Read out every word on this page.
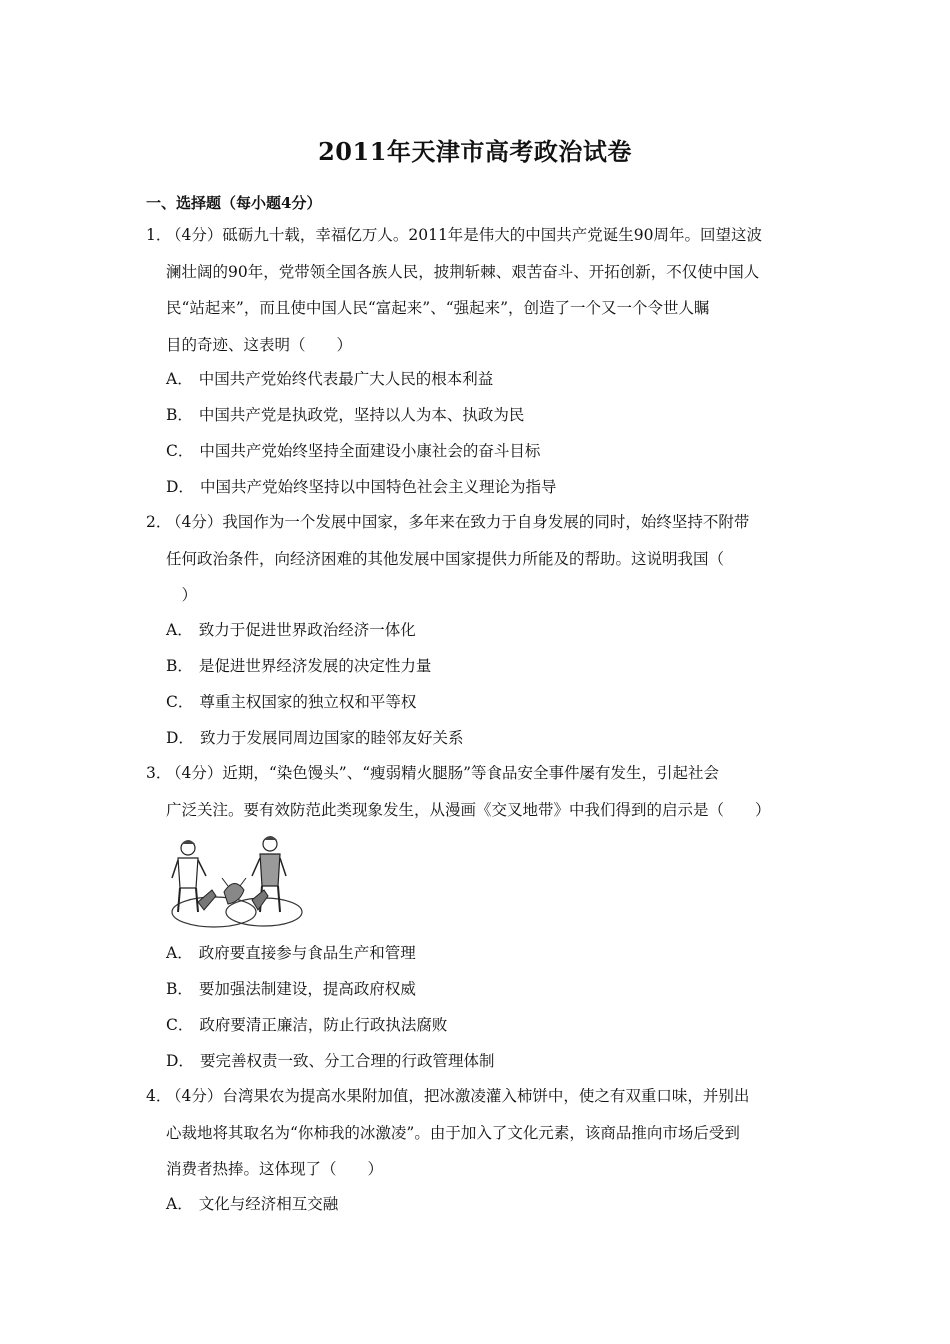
2011年天津市高考政治试卷
一、选择题（每小题4分）
1．
（4分）砥砺九十载，幸福亿万人。2011年是伟大的中国共产党诞生90周年。回望这波
澜壮阔的90年，党带领全国各族人民，披荆斩棘、艰苦奋斗、开拓创新，不仅使中国人
民“站起来”，而且使中国人民“富起来”、“强起来”，创造了一个又一个令世人瞩
目的奇迹、这表明（　　）
A． 中国共产党始终代表最广大人民的根本利益
B． 中国共产党是执政党，坚持以人为本、执政为民
C． 中国共产党始终坚持全面建设小康社会的奋斗目标
D． 中国共产党始终坚持以中国特色社会主义理论为指导
2．
（4分）我国作为一个发展中国家，多年来在致力于自身发展的同时，始终坚持不附带
任何政治条件，向经济困难的其他发展中国家提供力所能及的帮助。这说明我国（
　）
A． 致力于促进世界政治经济一体化
B． 是促进世界经济发展的决定性力量
C． 尊重主权国家的独立权和平等权
D． 致力于发展同周边国家的睦邻友好关系
3．
（4分）近期，“染色馒头”、“瘦弱精火腿肠”等食品安全事件屡有发生，引起社会
广泛关注。要有效防范此类现象发生，从漫画《交叉地带》中我们得到的启示是（　　）
A． 政府要直接参与食品生产和管理
B． 要加强法制建设，提高政府权威
C． 政府要清正廉洁，防止行政执法腐败
D． 要完善权责一致、分工合理的行政管理体制
4．
（4分）台湾果农为提高水果附加值，把冰激凌灌入柿饼中，使之有双重口味，并别出
心裁地将其取名为“你柿我的冰激凌”。由于加入了文化元素，该商品推向市场后受到
消费者热捧。这体现了（　　）
A． 文化与经济相互交融
